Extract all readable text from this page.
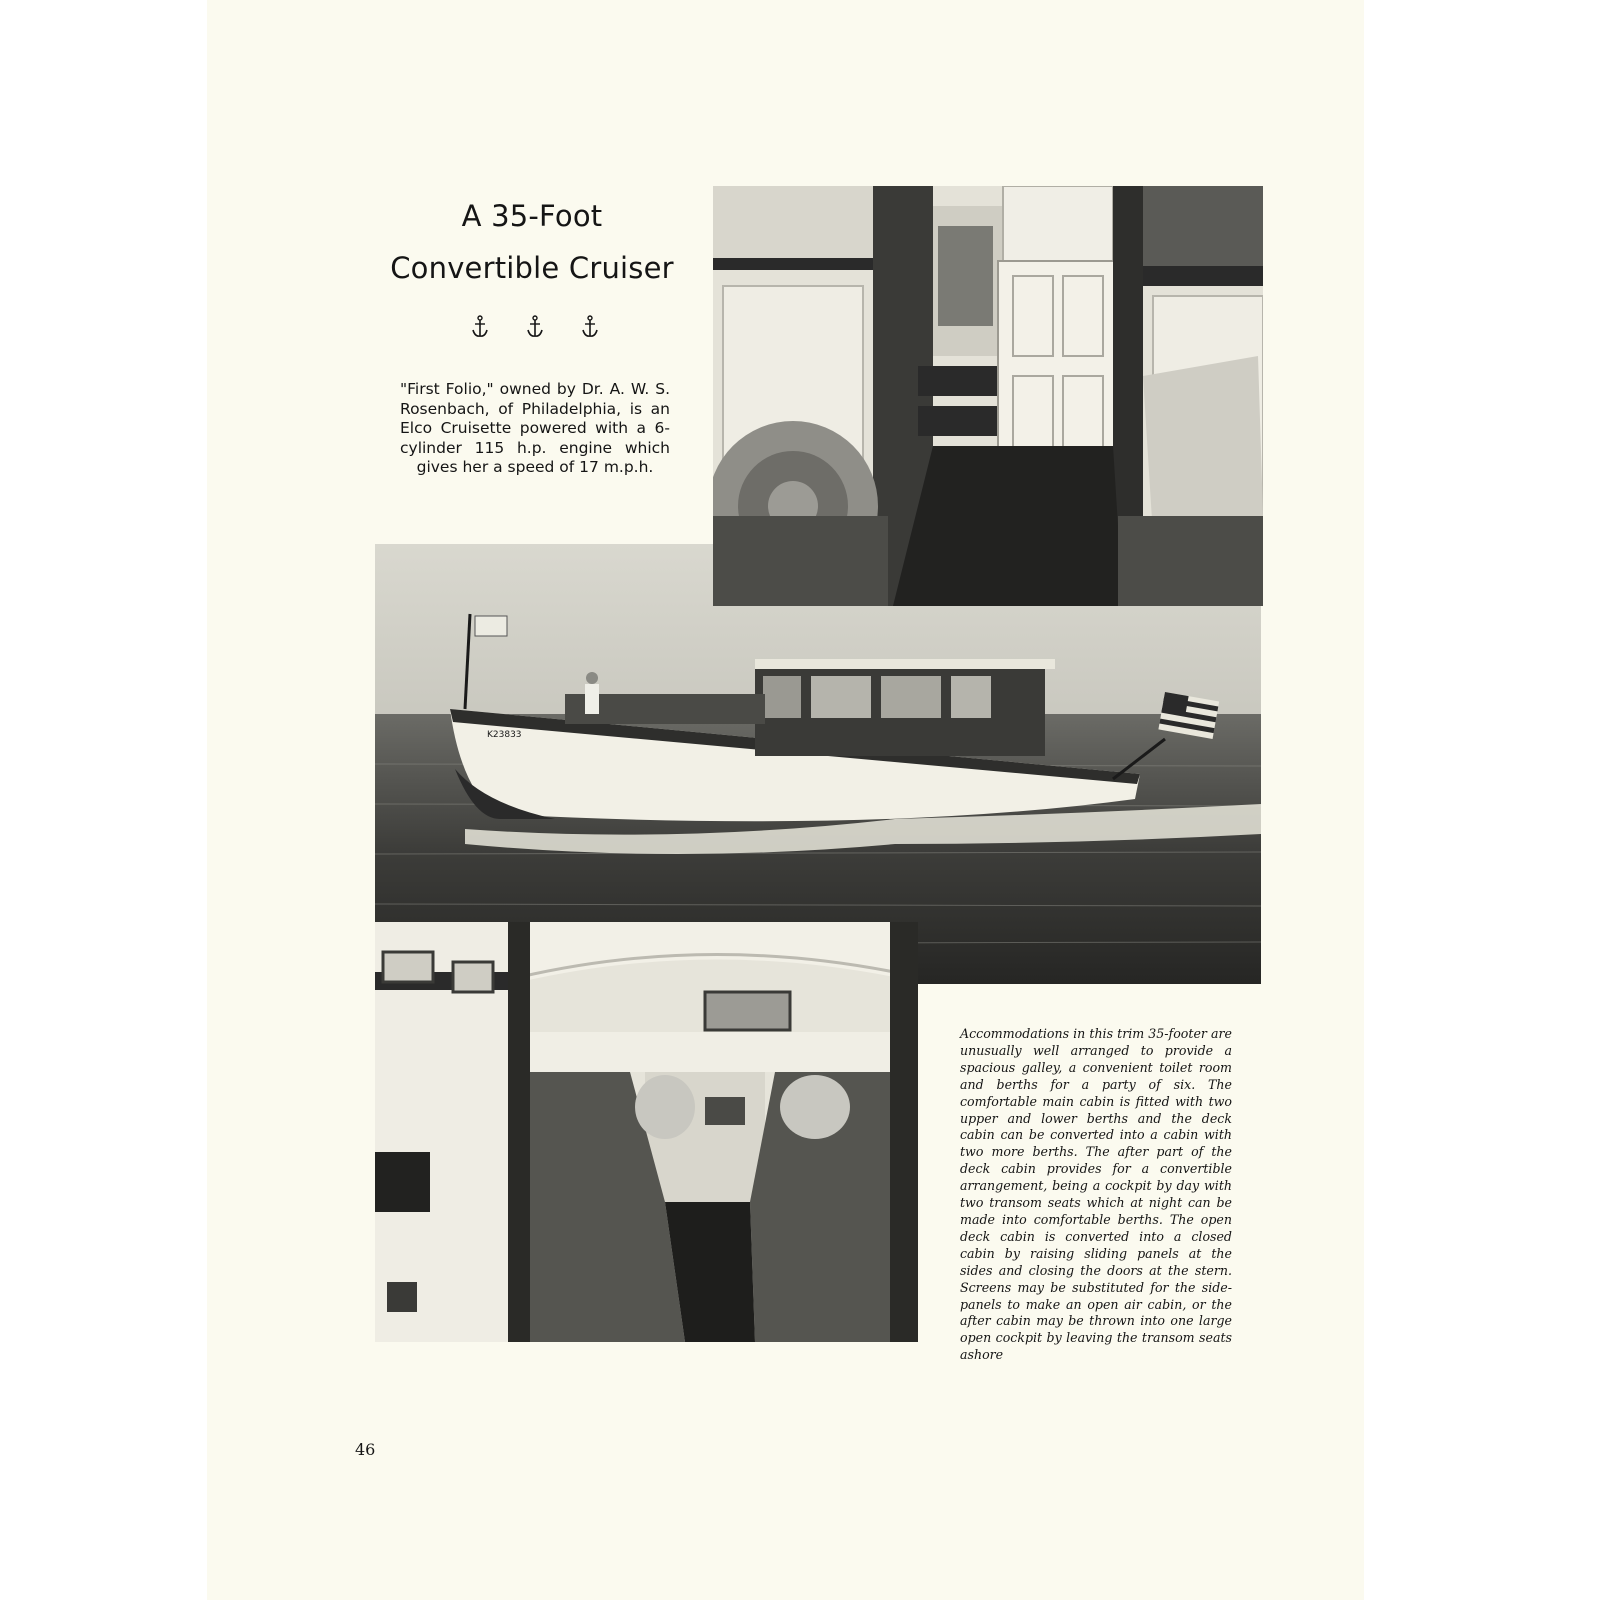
A 35-Foot
Convertible Cruiser
"First Folio," owned by Dr. A. W. S. Rosenbach, of Philadelphia, is an Elco Cruisette powered with a 6-cylinder 115 h.p. engine which gives her a speed of 17 m.p.h.
K23833
Accommodations in this trim 35-footer are unusually well arranged to provide a spacious galley, a convenient toilet room and berths for a party of six. The comfortable main cabin is fitted with two upper and lower berths and the deck cabin can be converted into a cabin with two more berths. The after part of the deck cabin provides for a convertible arrangement, being a cockpit by day with two transom seats which at night can be made into comfortable berths. The open deck cabin is converted into a closed cabin by raising sliding panels at the sides and closing the doors at the stern. Screens may be substituted for the side-panels to make an open air cabin, or the after cabin may be thrown into one large open cockpit by leaving the transom seats ashore
46
